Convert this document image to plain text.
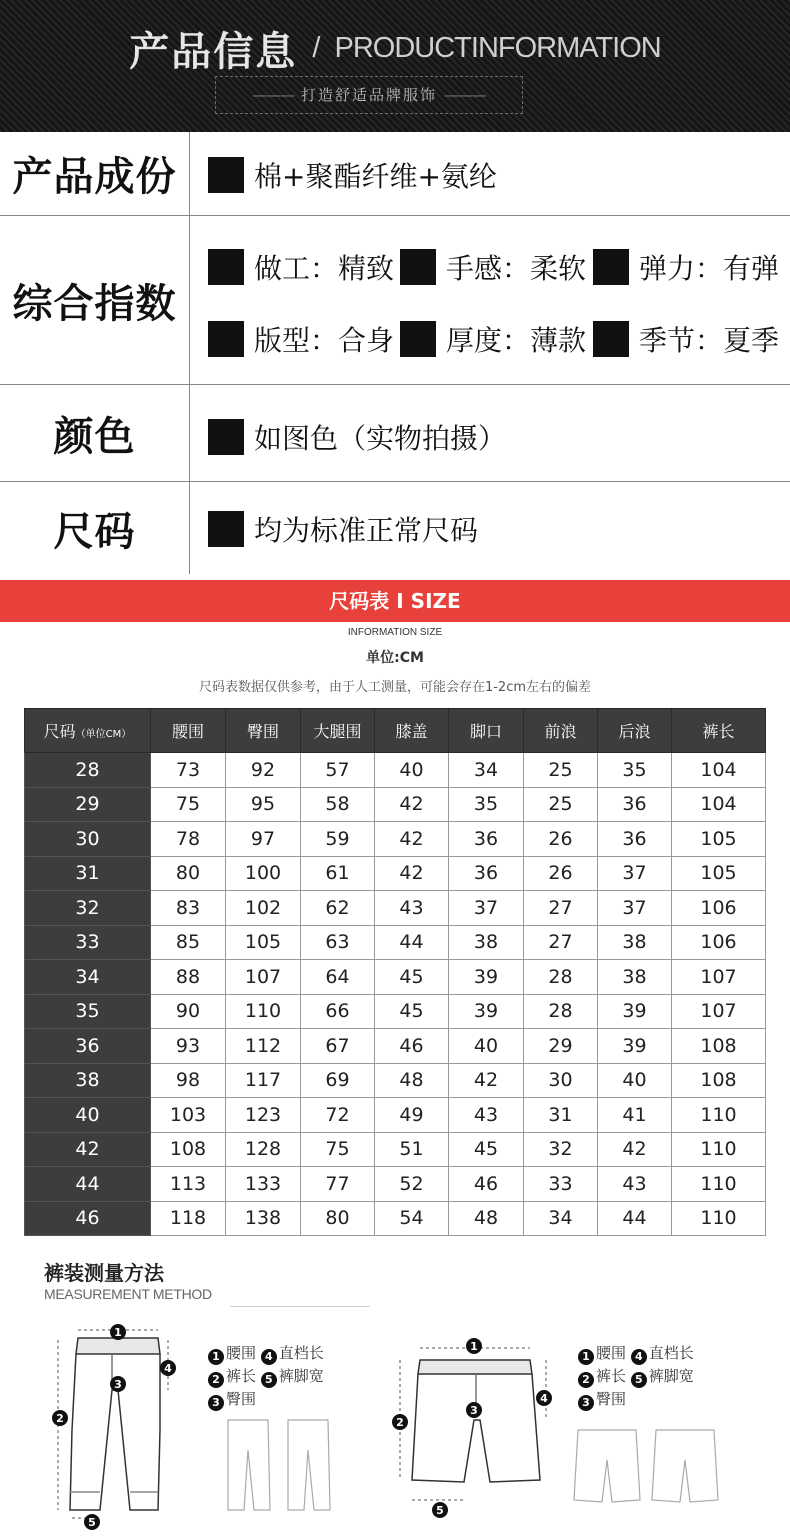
产品信息 / PRODUCTINFORMATION
——— 打造舒适品牌服饰 ———
产品成份	棉+聚酯纤维+氨纶
综合指数
做工：精致 手感：柔软 弹力：有弹
版型：合身 厚度：薄款 季节：夏季
颜色	如图色（实物拍摄）
尺码	均为标准正常尺码
尺码表 I SIZE
INFORMATION SIZE
单位:CM
尺码表数据仅供参考，由于人工测量，可能会存在1-2cm左右的偏差
尺码（单位CM）	腰围	臀围	大腿围	膝盖	脚口	前浪	后浪	裤长
28	73	92	57	40	34	25	35	104
29	75	95	58	42	35	25	36	104
30	78	97	59	42	36	26	36	105
31	80	100	61	42	36	26	37	105
32	83	102	62	43	37	27	37	106
33	85	105	63	44	38	27	38	106
34	88	107	64	45	39	28	38	107
35	90	110	66	45	39	28	39	107
36	93	112	67	46	40	29	39	108
38	98	117	69	48	42	30	40	108
40	103	123	72	49	43	31	41	110
42	108	128	75	51	45	32	42	110
44	113	133	77	52	46	33	43	110
46	118	138	80	54	48	34	44	110
裤装测量方法
MEASUREMENT METHOD
1
4
3
2
5
1
4
3
2
5
1 腰围 4 直档长
2 裤长 5 裤脚宽
3 臀围
1 腰围 4 直档长
2 裤长 5 裤脚宽
3 臀围
